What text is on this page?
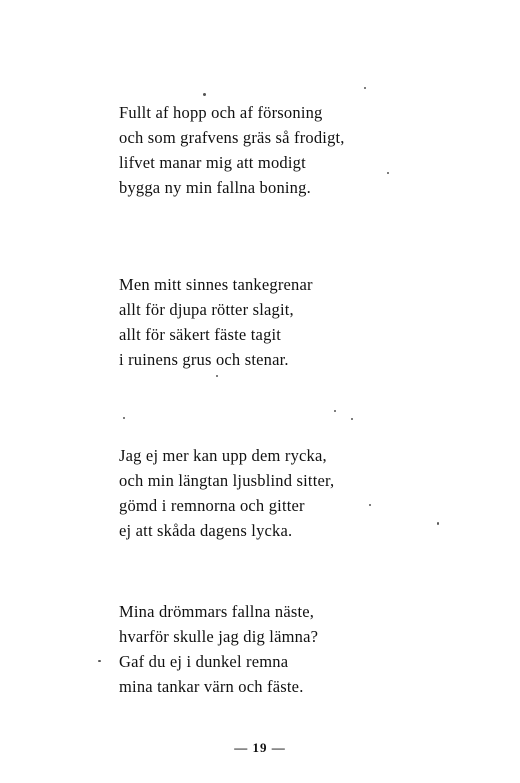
Fullt af hopp och af försoning
och som grafvens gräs så frodigt,
lifvet manar mig att modigt
bygga ny min fallna boning.
Men mitt sinnes tankegrenar
allt för djupa rötter slagit,
allt för säkert fäste tagit
i ruinens grus och stenar.
Jag ej mer kan upp dem rycka,
och min längtan ljusblind sitter,
gömd i remnorna och gitter
ej att skåda dagens lycka.
Mina drömmars fallna näste,
hvarför skulle jag dig lämna?
Gaf du ej i dunkel remna
mina tankar värn och fäste.
— 19 —
